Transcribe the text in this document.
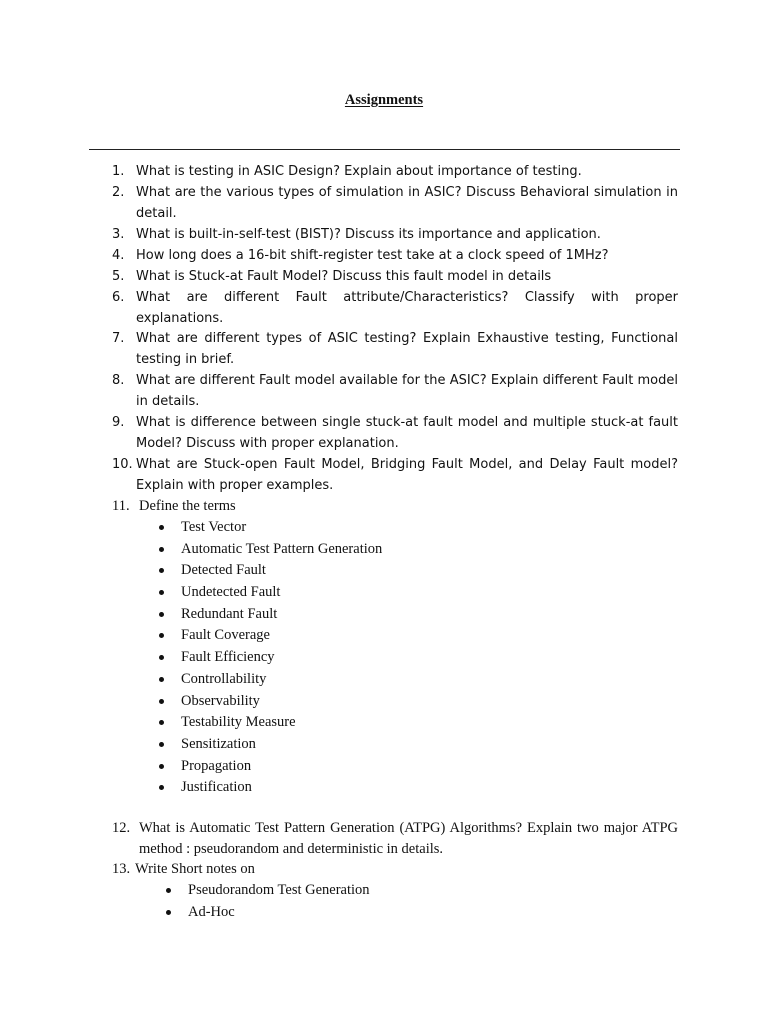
Assignments
1. What is testing in ASIC Design? Explain about importance of testing.
2. What are the various types of simulation in ASIC? Discuss Behavioral simulation in detail.
3. What is built-in-self-test (BIST)? Discuss its importance and application.
4. How long does a 16-bit shift-register test take at a clock speed of 1MHz?
5. What is Stuck-at Fault Model? Discuss this fault model in details
6. What are different Fault attribute/Characteristics? Classify with proper explanations.
7. What are different types of ASIC testing? Explain Exhaustive testing, Functional testing in brief.
8. What are different Fault model available for the ASIC? Explain different Fault model in details.
9. What is difference between single stuck-at fault model and multiple stuck-at fault Model? Discuss with proper explanation.
10. What are Stuck-open Fault Model, Bridging Fault Model, and Delay Fault model? Explain with proper examples.
11. Define the terms
Test Vector
Automatic Test Pattern Generation
Detected Fault
Undetected Fault
Redundant Fault
Fault Coverage
Fault Efficiency
Controllability
Observability
Testability Measure
Sensitization
Propagation
Justification
12. What is Automatic Test Pattern Generation (ATPG) Algorithms? Explain two major ATPG method : pseudorandom and deterministic in details.
13. Write Short notes on
Pseudorandom Test Generation
Ad-Hoc
